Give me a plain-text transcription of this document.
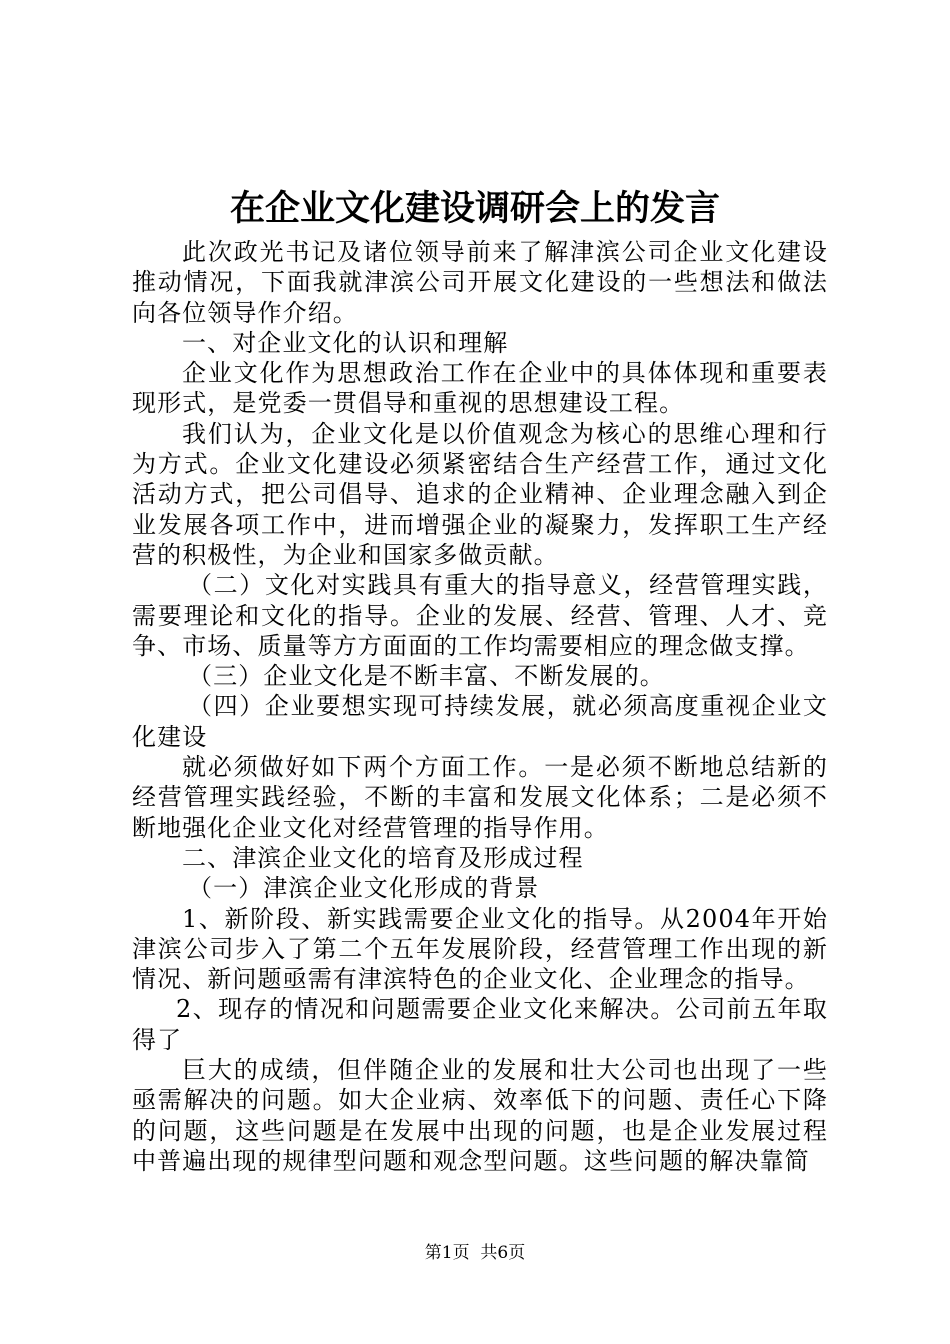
在企业文化建设调研会上的发言

此次政光书记及诸位领导前来了解津滨公司企业文化建设推动情况，下面我就津滨公司开展文化建设的一些想法和做法向各位领导作介绍。

一、对企业文化的认识和理解

企业文化作为思想政治工作在企业中的具体体现和重要表现形式，是党委一贯倡导和重视的思想建设工程。

我们认为，企业文化是以价值观念为核心的思维心理和行为方式。企业文化建设必须紧密结合生产经营工作，通过文化活动方式，把公司倡导、追求的企业精神、企业理念融入到企业发展各项工作中，进而增强企业的凝聚力，发挥职工生产经营的积极性，为企业和国家多做贡献。

（二）文化对实践具有重大的指导意义，经营管理实践，需要理论和文化的指导。企业的发展、经营、管理、人才、竞争、市场、质量等方方面面的工作均需要相应的理念做支撑。

（三）企业文化是不断丰富、不断发展的。

（四）企业要想实现可持续发展，就必须高度重视企业文化建设

就必须做好如下两个方面工作。一是必须不断地总结新的经营管理实践经验，不断的丰富和发展文化体系；二是必须不断地强化企业文化对经营管理的指导作用。

二、津滨企业文化的培育及形成过程

（一）津滨企业文化形成的背景

1、新阶段、新实践需要企业文化的指导。从2004年开始津滨公司步入了第二个五年发展阶段，经营管理工作出现的新情况、新问题亟需有津滨特色的企业文化、企业理念的指导。

2、现存的情况和问题需要企业文化来解决。公司前五年取得了

巨大的成绩，但伴随企业的发展和壮大公司也出现了一些亟需解决的问题。如大企业病、效率低下的问题、责任心下降的问题，这些问题是在发展中出现的问题，也是企业发展过程中普遍出现的规律型问题和观念型问题。这些问题的解决靠简

第1页  共6页
